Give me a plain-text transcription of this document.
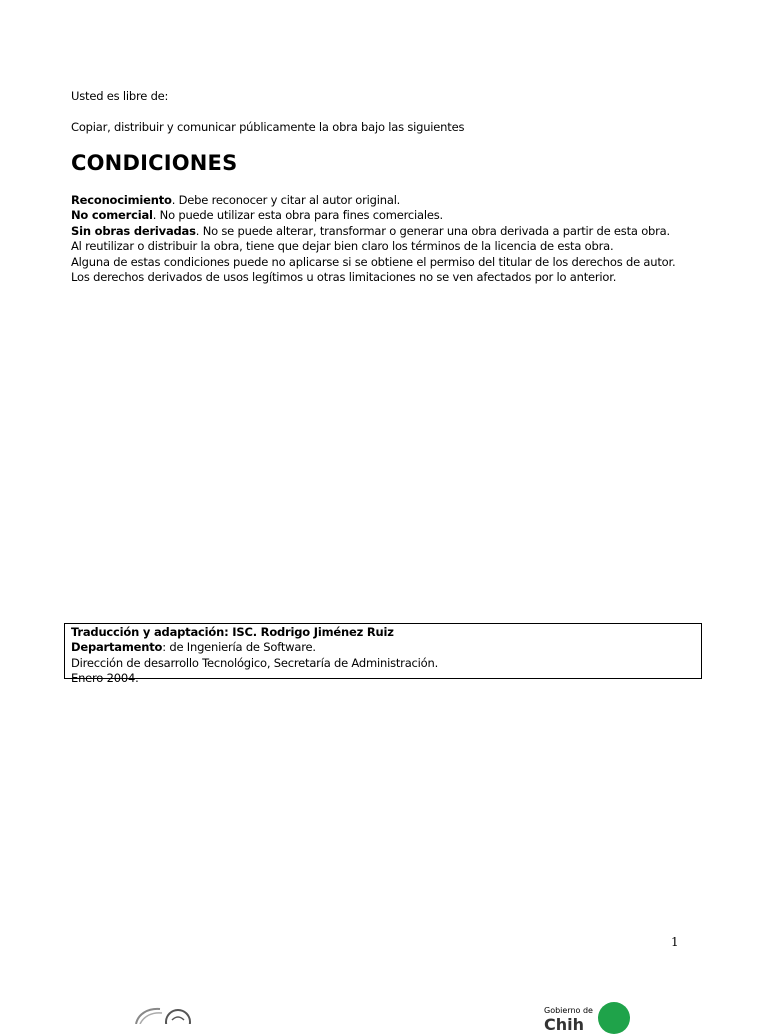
Usted es libre de:
Copiar, distribuir y comunicar públicamente la obra bajo las siguientes
CONDICIONES

Reconocimiento. Debe reconocer y citar al autor original.

No comercial. No puede utilizar esta obra para fines comerciales.

Sin obras derivadas. No se puede alterar, transformar o generar una obra derivada a partir de esta obra.

Al reutilizar o distribuir la obra, tiene que dejar bien claro los términos de la licencia de esta obra.

Alguna de estas condiciones puede no aplicarse si se obtiene el permiso del titular de los derechos de autor.

Los derechos derivados de usos legítimos u otras limitaciones no se ven afectados por lo anterior.

Traducción y adaptación: ISC. Rodrigo Jiménez Ruiz

Departamento: de Ingeniería de Software.

Dirección de desarrollo Tecnológico, Secretaría de Administración.

Enero 2004.

1
Gobierno de
Chih
